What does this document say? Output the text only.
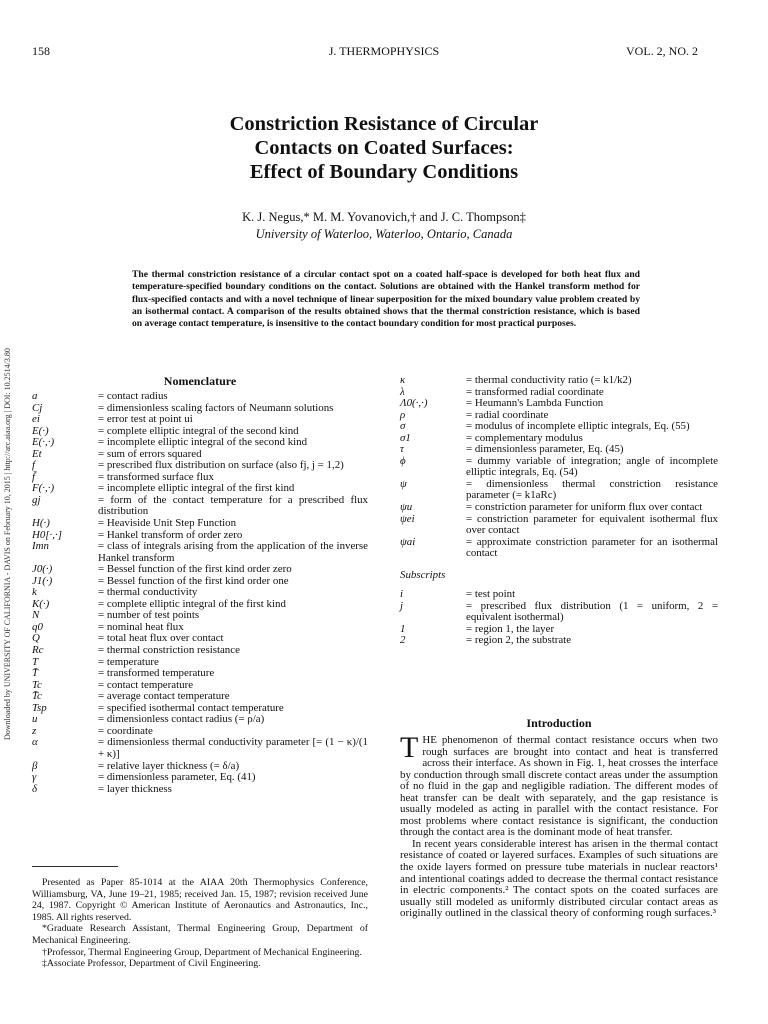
158	J. THERMOPHYSICS	VOL. 2, NO. 2
Constriction Resistance of Circular
Contacts on Coated Surfaces:
Effect of Boundary Conditions
K. J. Negus,* M. M. Yovanovich,† and J. C. Thompson‡
University of Waterloo, Waterloo, Ontario, Canada
The thermal constriction resistance of a circular contact spot on a coated half-space is developed for both heat flux and temperature-specified boundary conditions on the contact. Solutions are obtained with the Hankel transform method for flux-specified contacts and with a novel technique of linear superposition for the mixed boundary value problem created by an isothermal contact. A comparison of the results obtained shows that the thermal constriction resistance, which is based on average contact temperature, is insensitive to the contact boundary condition for most practical purposes.
Downloaded by UNIVERSITY OF CALIFORNIA - DAVIS on February 10, 2015 | http://arc.aiaa.org | DOI: 10.2514/3.80	Nomenclature
a	= contact radius
Cj	= dimensionless scaling factors of Neumann solutions
ei	= error test at point ui
E(·)	= complete elliptic integral of the second kind
E(·,·)	= incomplete elliptic integral of the second kind
Et	= sum of errors squared
f	= prescribed flux distribution on surface (also fj, j = 1,2)
f̄	= transformed surface flux
F(·,·)	= incomplete elliptic integral of the first kind
gj	= form of the contact temperature for a prescribed flux distribution
H(·)	= Heaviside Unit Step Function
H0[·,·]	= Hankel transform of order zero
Imn	= class of integrals arising from the application of the inverse Hankel transform
J0(·)	= Bessel function of the first kind order zero
J1(·)	= Bessel function of the first kind order one
k	= thermal conductivity
K(·)	= complete elliptic integral of the first kind
N	= number of test points
q0	= nominal heat flux
Q	= total heat flux over contact
Rc	= thermal constriction resistance
T	= temperature
T̄	= transformed temperature
Tc	= contact temperature
T̄c	= average contact temperature
Tsp	= specified isothermal contact temperature
u	= dimensionless contact radius (= ρ/a)
z	= coordinate
α	= dimensionless thermal conductivity parameter [= (1 − κ)/(1 + κ)]
β	= relative layer thickness (= δ/a)
γ	= dimensionless parameter, Eq. (41)
δ	= layer thickness
κ	= thermal conductivity ratio (= k1/k2)
λ	= transformed radial coordinate
Λ0(·,·)	= Heumann's Lambda Function
ρ	= radial coordinate
σ	= modulus of incomplete elliptic integrals, Eq. (55)
σ1	= complementary modulus
τ	= dimensionless parameter, Eq. (45)
ϕ	= dummy variable of integration; angle of incomplete elliptic integrals, Eq. (54)
ψ	= dimensionless thermal constriction resistance parameter (= k1aRc)
ψu	= constriction parameter for uniform flux over contact
ψei	= constriction parameter for equivalent isothermal flux over contact
ψai	= approximate constriction parameter for an isothermal contact
Subscripts
i	= test point
j	= prescribed flux distribution (1 = uniform, 2 = equivalent isothermal)
1	= region 1, the layer
2	= region 2, the substrate
Introduction

THE phenomenon of thermal contact resistance occurs when two rough surfaces are brought into contact and heat is transferred across their interface. As shown in Fig. 1, heat crosses the interface by conduction through small discrete contact areas under the assumption of no fluid in the gap and negligible radiation. The different modes of heat transfer can be dealt with separately, and the gap resistance is usually modeled as acting in parallel with the contact resistance. For most problems where contact resistance is significant, the conduction through the contact area is the dominant mode of heat transfer.

In recent years considerable interest has arisen in the thermal contact resistance of coated or layered surfaces. Examples of such situations are the oxide layers formed on pressure tube materials in nuclear reactors¹ and intentional coatings added to decrease the thermal contact resistance in electric components.² The contact spots on the coated surfaces are usually still modeled as uniformly distributed circular contact areas as originally outlined in the classical theory of conforming rough surfaces.³

Presented as Paper 85-1014 at the AIAA 20th Thermophysics Conference, Williamsburg, VA, June 19–21, 1985; received Jan. 15, 1987; revision received June 24, 1987. Copyright © American Institute of Aeronautics and Astronautics, Inc., 1985. All rights reserved.

*Graduate Research Assistant, Thermal Engineering Group, Department of Mechanical Engineering.

†Professor, Thermal Engineering Group, Department of Mechanical Engineering.

‡Associate Professor, Department of Civil Engineering.
